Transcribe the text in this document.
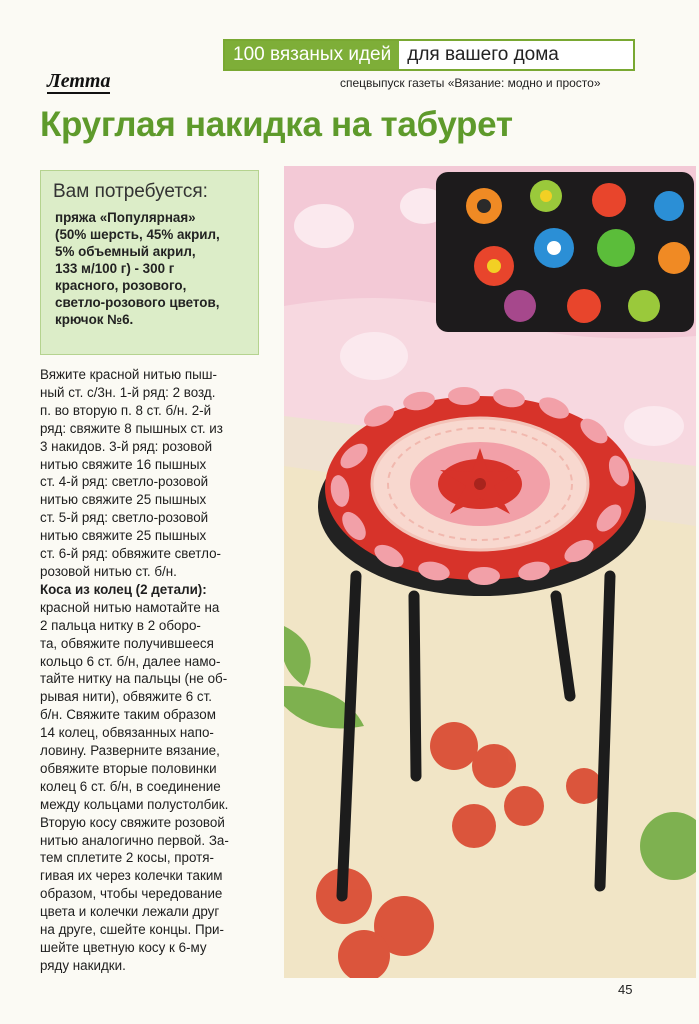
100 вязаных идей для вашего дома
спецвыпуск газеты «Вязание: модно и просто»
Летта
Круглая накидка на табурет
Вам потребуется:
пряжа «Популярная»
(50% шерсть, 45% акрил,
5% объемный акрил,
133 м/100 г) - 300 г
красного, розового,
светло-розового цветов,
крючок №6.
Вяжите красной нитью пыш-
ный ст. с/3н. 1-й ряд: 2 возд.
п. во вторую п. 8 ст. б/н. 2-й
ряд: свяжите 8 пышных ст. из
3 накидов. 3-й ряд: розовой
нитью свяжите 16 пышных
ст. 4-й ряд: светло-розовой
нитью свяжите 25 пышных
ст. 5-й ряд: светло-розовой
нитью свяжите 25 пышных
ст. 6-й ряд: обвяжите светло-
розовой нитью ст. б/н.
Коса из колец (2 детали):
красной нитью намотайте на
2 пальца нитку в 2 оборо-
та, обвяжите получившееся
кольцо 6 ст. б/н, далее намо-
тайте нитку на пальцы (не об-
рывая нити), обвяжите 6 ст.
б/н. Свяжите таким образом
14 колец, обвязанных напо-
ловину. Разверните вязание,
обвяжите вторые половинки
колец 6 ст. б/н, в соединение
между кольцами полустолбик.
Вторую косу свяжите розовой
нитью аналогично первой. За-
тем сплетите 2 косы, протя-
гивая их через колечки таким
образом, чтобы чередование
цвета и колечки лежали друг
на друге, сшейте концы. При-
шейте цветную косу к 6-му
ряду накидки.
45
